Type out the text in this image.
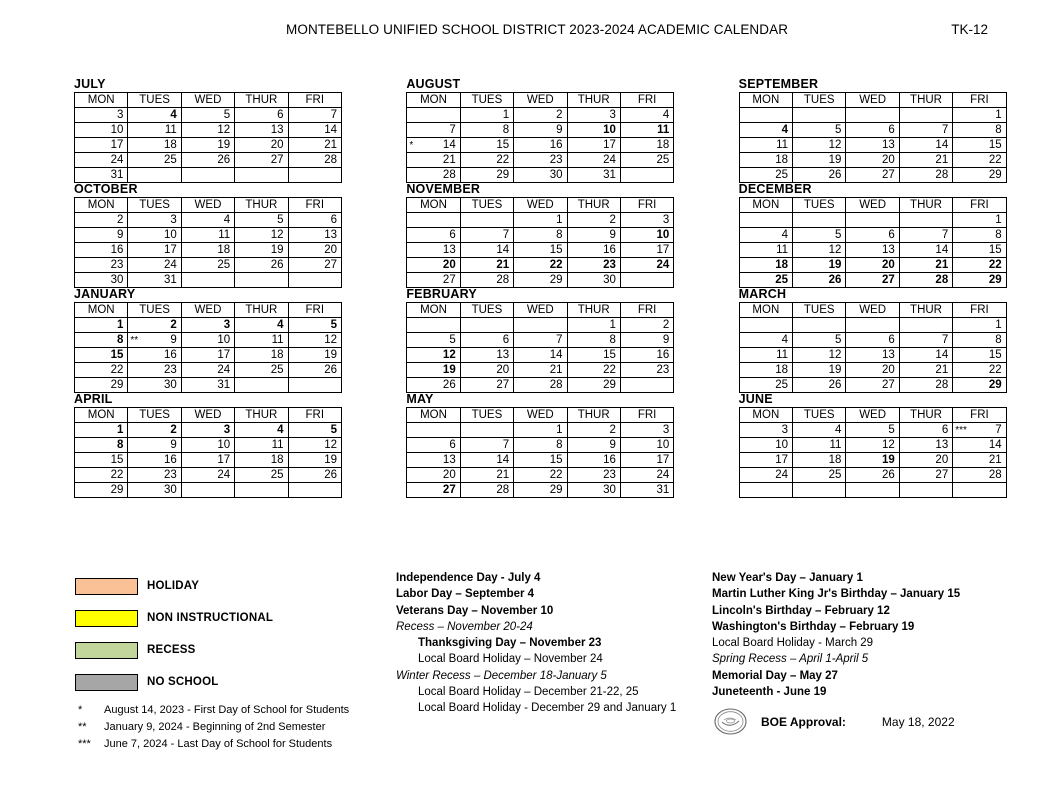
MONTEBELLO UNIFIED SCHOOL DISTRICT 2023-2024 ACADEMIC CALENDAR	TK-12
JULY
MON	TUES	WED	THUR	FRI
3	4	5	6	7
10	11	12	13	14
17	18	19	20	21
24	25	26	27	28
31				
AUGUST
MON	TUES	WED	THUR	FRI
	1	2	3	4
7	8	9	10	11

* 14	15	16	17	18
21	22	23	24	25
28	29	30	31	
SEPTEMBER
MON	TUES	WED	THUR	FRI
				1
4	5	6	7	8
11	12	13	14	15
18	19	20	21	22
25	26	27	28	29
OCTOBER
MON	TUES	WED	THUR	FRI
2	3	4	5	6
9	10	11	12	13
16	17	18	19	20
23	24	25	26	27
30	31			
NOVEMBER
MON	TUES	WED	THUR	FRI
		1	2	3
6	7	8	9	10
13	14	15	16	17
20	21	22	23	24
27	28	29	30	
DECEMBER
MON	TUES	WED	THUR	FRI
				1
4	5	6	7	8
11	12	13	14	15
18	19	20	21	22
25	26	27	28	29
JANUARY
MON	TUES	WED	THUR	FRI
1	2	3	4	5
8	** 9	10	11	12
15	16	17	18	19
22	23	24	25	26
29	30	31		
FEBRUARY
MON	TUES	WED	THUR	FRI
			1	2
5	6	7	8	9
12	13	14	15	16
19	20	21	22	23
26	27	28	29	
MARCH
MON	TUES	WED	THUR	FRI
				1
4	5	6	7	8
11	12	13	14	15
18	19	20	21	22
25	26	27	28	29
APRIL
MON	TUES	WED	THUR	FRI
1	2	3	4	5
8	9	10	11	12
15	16	17	18	19
22	23	24	25	26
29	30			
MAY
MON	TUES	WED	THUR	FRI
		1	2	3
6	7	8	9	10
13	14	15	16	17
20	21	22	23	24
27	28	29	30	31
JUNE
MON	TUES	WED	THUR	FRI
3	4	5	6	*** 7
10	11	12	13	14
17	18	19	20	21
24	25	26	27	28

HOLIDAY
NON INSTRUCTIONAL
RECESS
NO SCHOOL
*	August 14, 2023 - First Day of School for Students
**	January 9, 2024 - Beginning of 2nd Semester
***	June 7, 2024 - Last Day of School for Students
Independence Day - July 4
Labor Day – September 4
Veterans Day – November 10
Recess – November 20-24
Thanksgiving Day – November 23
Local Board Holiday – November 24
Winter Recess – December 18-January 5
Local Board Holiday – December 21-22, 25
Local Board Holiday - December 29 and January 1
New Year's Day – January 1
Martin Luther King Jr's Birthday – January 15
Lincoln's Birthday – February 12
Washington's Birthday – February 19
Local Board Holiday - March 29
Spring Recess – April 1-April 5
Memorial Day – May 27
Juneteenth - June 19
BOE Approval:	May 18, 2022
